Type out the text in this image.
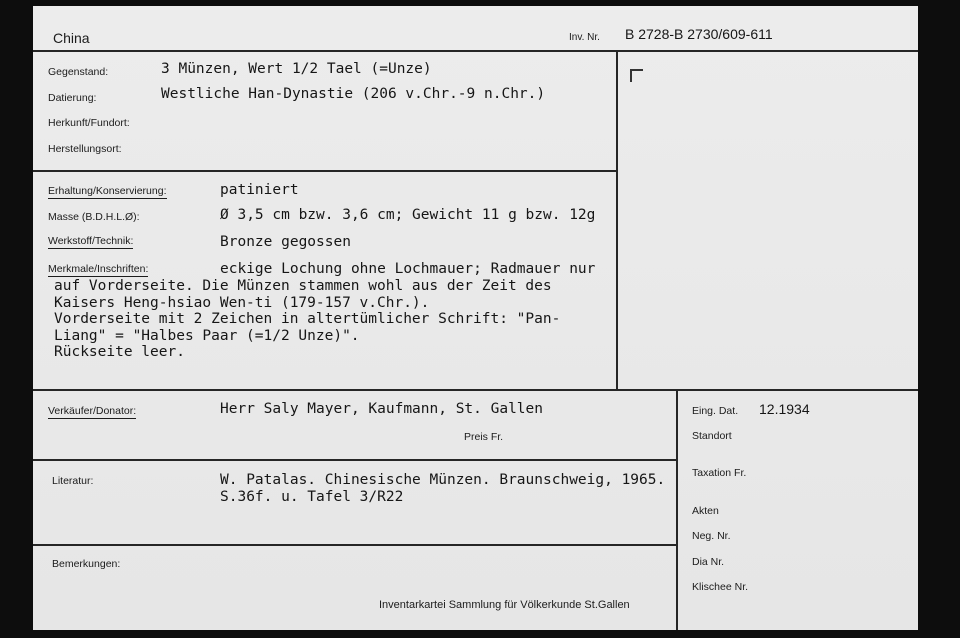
China	Inv. Nr. B 2728-B 2730/609-611
Gegenstand:	3 Münzen, Wert 1/2 Tael (=Unze)
Datierung:	Westliche Han-Dynastie (206 v.Chr.-9 n.Chr.)
Herkunft/Fundort:
Herstellungsort:
Erhaltung/Konservierung:	patiniert
Masse (B.D.H.L.Ø):	Ø 3,5 cm bzw. 3,6 cm; Gewicht 11 g bzw. 12g
Werkstoff/Technik:	Bronze gegossen
Merkmale/Inschriften:	eckige Lochung ohne Lochmauer; Radmauer nur
auf Vorderseite. Die Münzen stammen wohl aus der Zeit des
Kaisers Heng-hsiao Wen-ti (179-157 v.Chr.).
Vorderseite mit 2 Zeichen in altertümlicher Schrift: "Pan-
Liang" = "Halbes Paar (=1/2 Unze)".
Rückseite leer.
Verkäufer/Donator:	Herr Saly Mayer, Kaufmann, St. Gallen
Preis Fr.
Literatur:	W. Patalas. Chinesische Münzen. Braunschweig, 1965.
S.36f. u. Tafel 3/R22
Bemerkungen:
Inventarkartei Sammlung für Völkerkunde St.Gallen
Eing. Dat. 12.1934
Standort
Taxation Fr.
Akten
Neg. Nr.
Dia Nr.
Klischee Nr.
